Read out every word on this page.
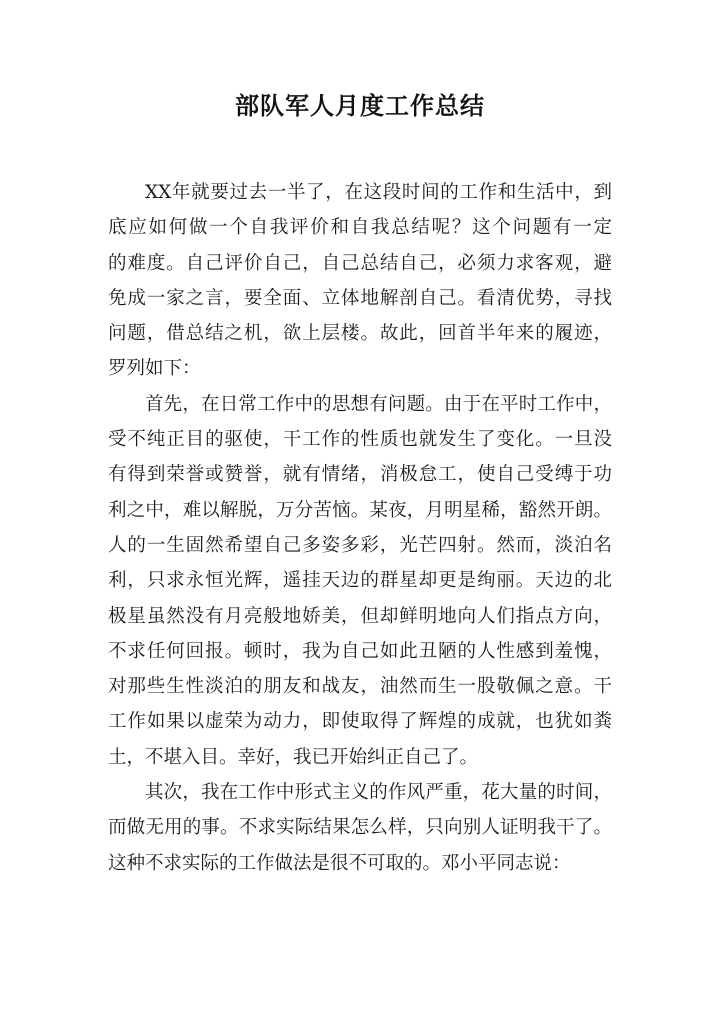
部队军人月度工作总结
XX年就要过去一半了，在这段时间的工作和生活中，到
底应如何做一个自我评价和自我总结呢？这个问题有一定
的难度。自己评价自己，自己总结自己，必须力求客观，避
免成一家之言，要全面、立体地解剖自己。看清优势，寻找
问题，借总结之机，欲上层楼。故此，回首半年来的履迹，
罗列如下：
首先，在日常工作中的思想有问题。由于在平时工作中，
受不纯正目的驱使，干工作的性质也就发生了变化。一旦没
有得到荣誉或赞誉，就有情绪，消极怠工，使自己受缚于功
利之中，难以解脱，万分苦恼。某夜，月明星稀，豁然开朗。
人的一生固然希望自己多姿多彩，光芒四射。然而，淡泊名
利，只求永恒光辉，遥挂天边的群星却更是绚丽。天边的北
极星虽然没有月亮般地娇美，但却鲜明地向人们指点方向，
不求任何回报。顿时，我为自己如此丑陋的人性感到羞愧，
对那些生性淡泊的朋友和战友，油然而生一股敬佩之意。干
工作如果以虚荣为动力，即使取得了辉煌的成就，也犹如粪
土，不堪入目。幸好，我已开始纠正自己了。
其次，我在工作中形式主义的作风严重，花大量的时间，
而做无用的事。不求实际结果怎么样，只向别人证明我干了。
这种不求实际的工作做法是很不可取的。邓小平同志说：
